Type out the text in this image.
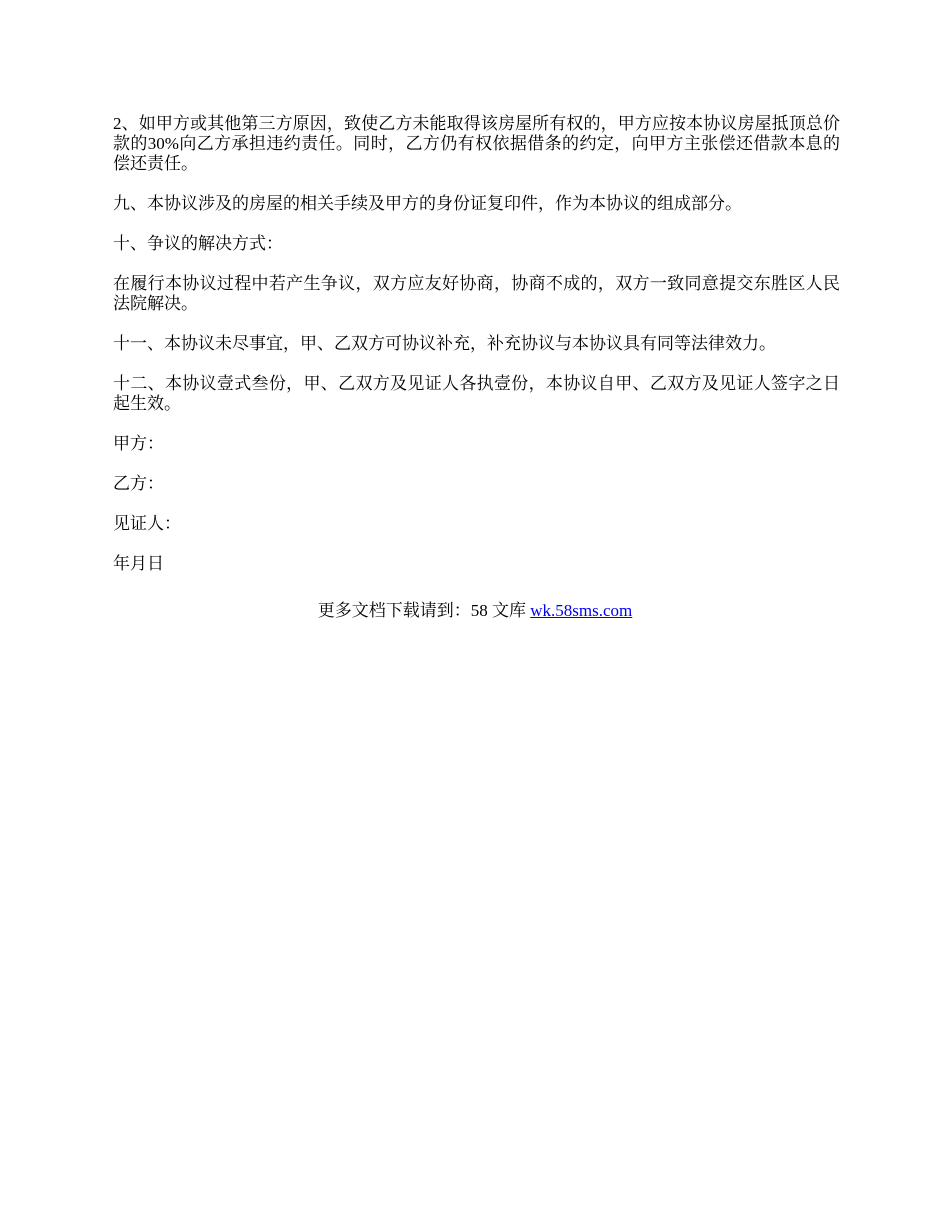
2、如甲方或其他第三方原因，致使乙方未能取得该房屋所有权的，甲方应按本协议房屋抵顶总价款的30%向乙方承担违约责任。同时，乙方仍有权依据借条的约定，向甲方主张偿还借款本息的偿还责任。

九、本协议涉及的房屋的相关手续及甲方的身份证复印件，作为本协议的组成部分。

十、争议的解决方式：

在履行本协议过程中若产生争议，双方应友好协商，协商不成的，双方一致同意提交东胜区人民法院解决。

十一、本协议未尽事宜，甲、乙双方可协议补充，补充协议与本协议具有同等法律效力。

十二、本协议壹式叁份，甲、乙双方及见证人各执壹份，本协议自甲、乙双方及见证人签字之日起生效。

甲方：

乙方：

见证人：

年月日

更多文档下载请到：58 文库 wk.58sms.com
